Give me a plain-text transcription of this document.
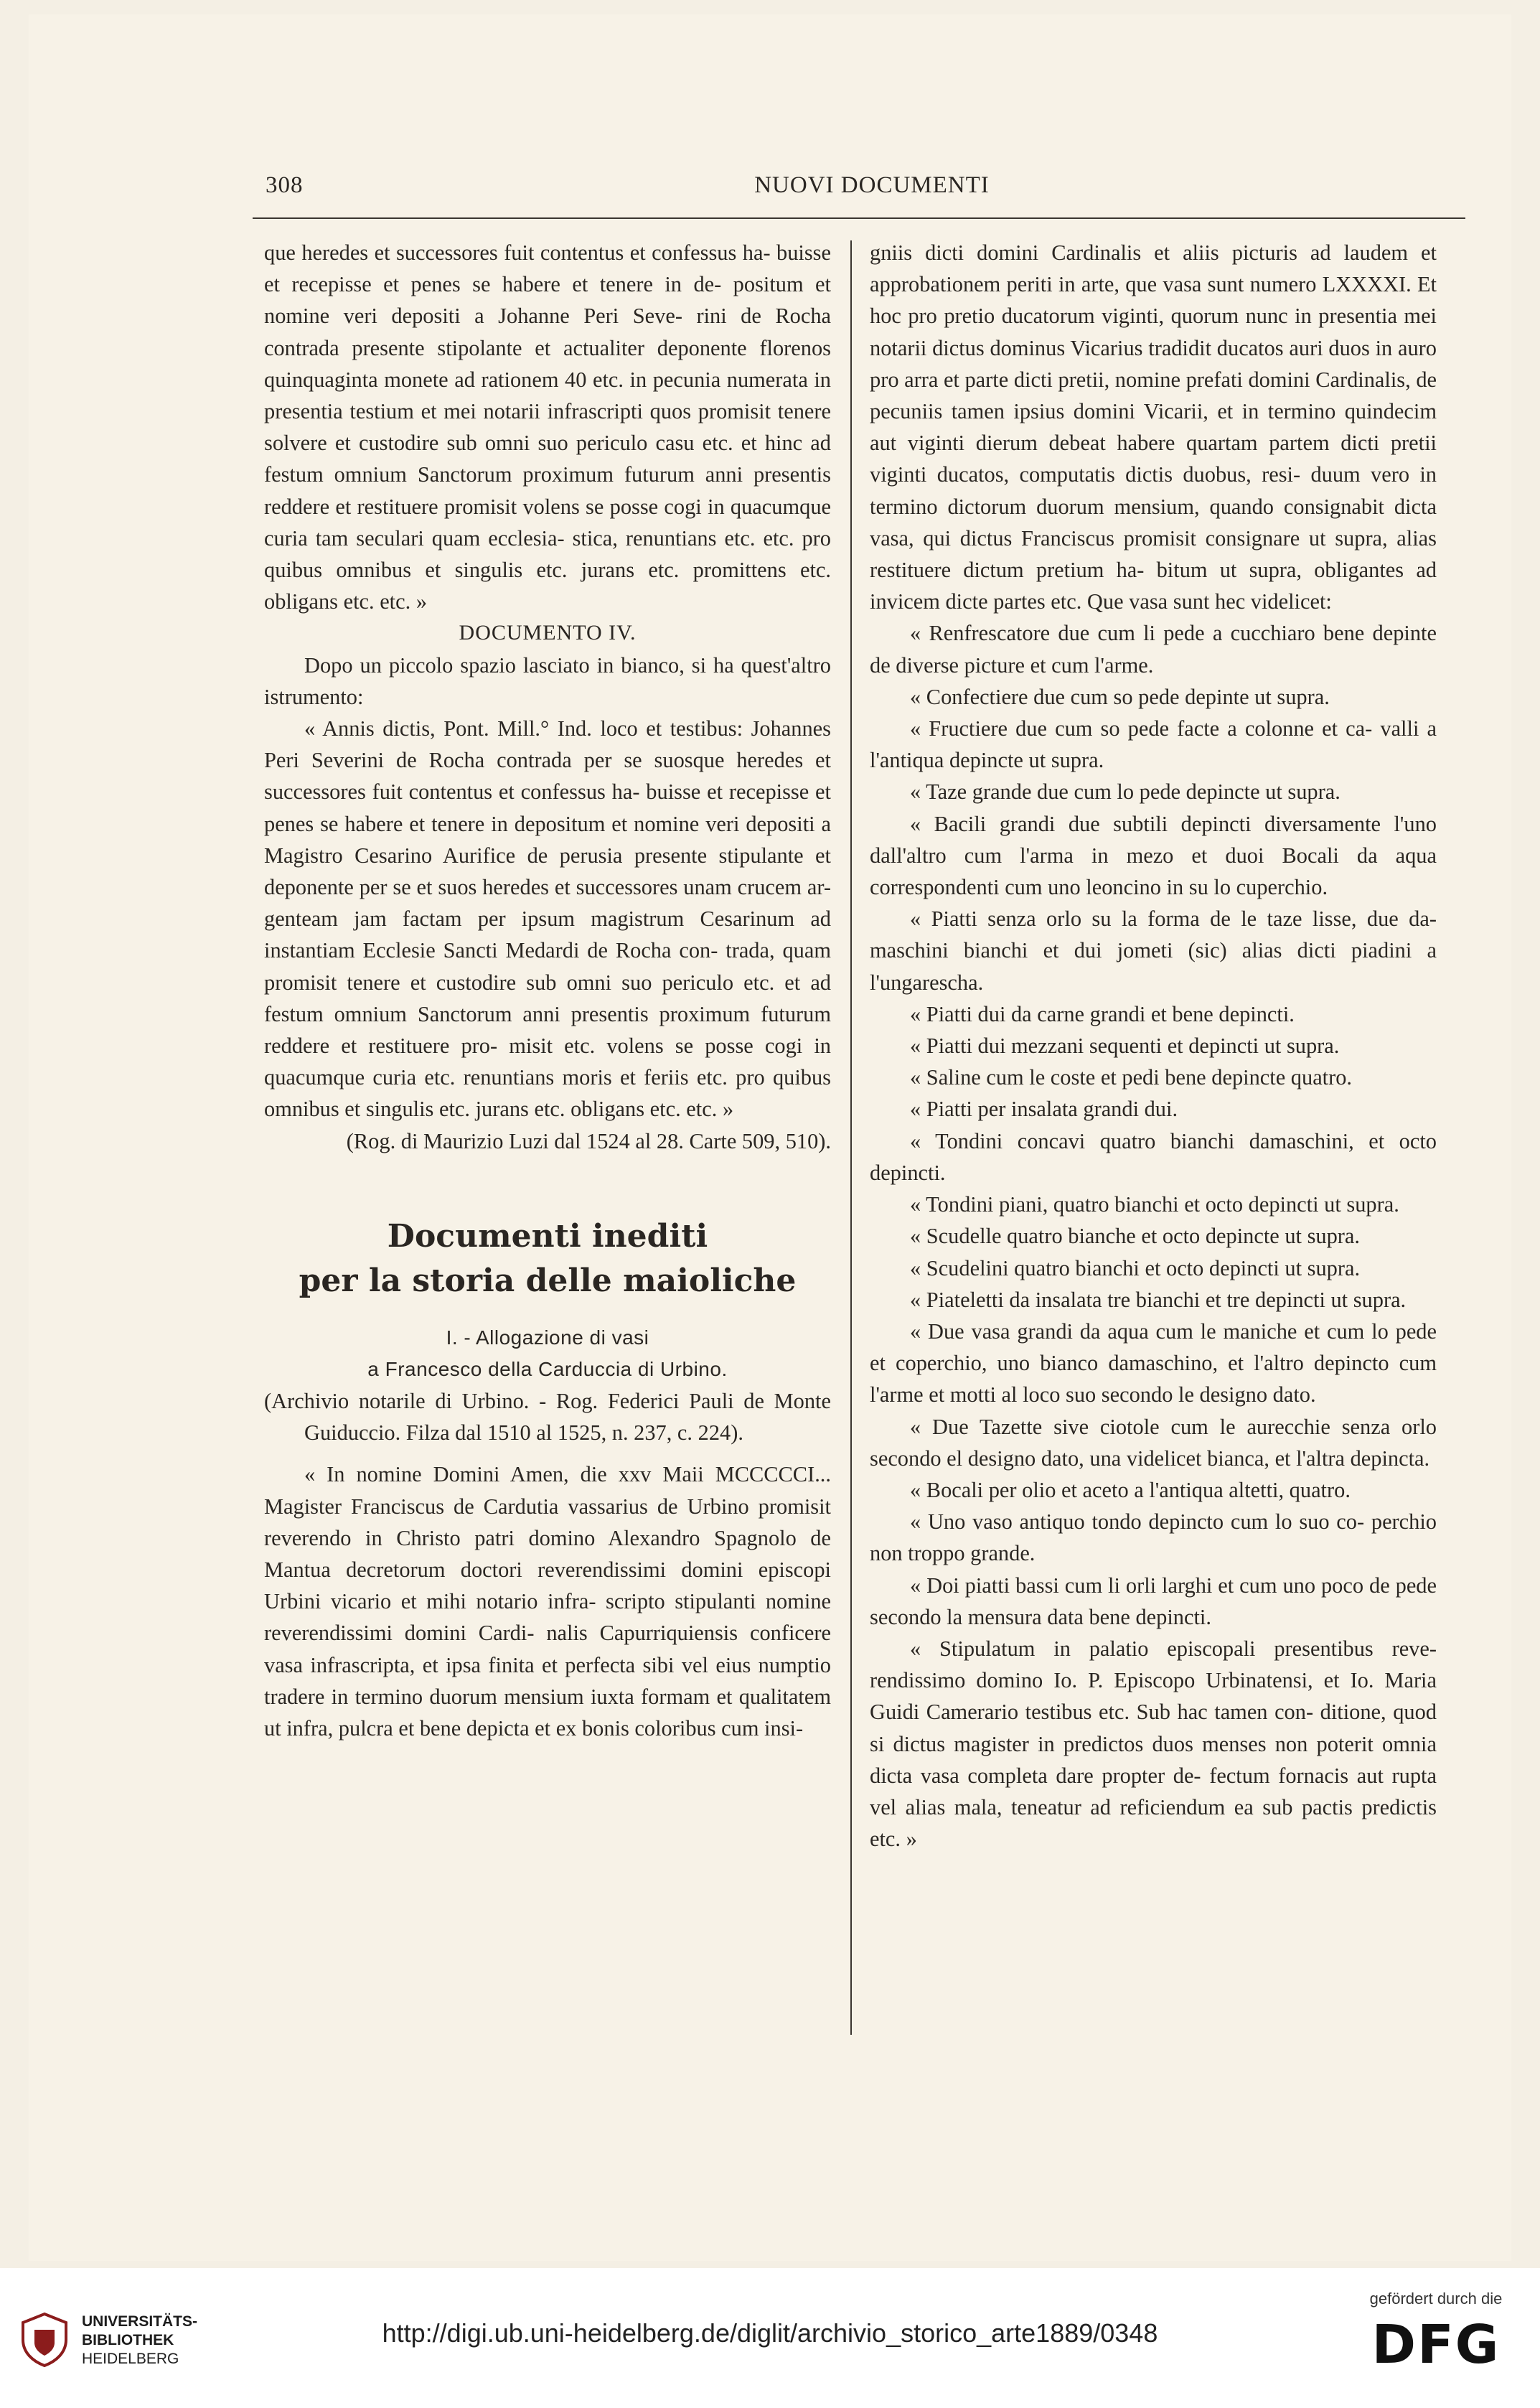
308	NUOVI DOCUMENTI

que heredes et successores fuit contentus et confessus ha- buisse et recepisse et penes se habere et tenere in de- positum et nomine veri depositi a Johanne Peri Seve- rini de Rocha contrada presente stipolante et actualiter deponente florenos quinquaginta monete ad rationem 40 etc. in pecunia numerata in presentia testium et mei notarii infrascripti quos promisit tenere solvere et custodire sub omni suo periculo casu etc. et hinc ad festum omnium Sanctorum proximum futurum anni presentis reddere et restituere promisit volens se posse cogi in quacumque curia tam seculari quam ecclesia- stica, renuntians etc. etc. pro quibus omnibus et singulis etc. jurans etc. promittens etc. obligans etc. etc. »

DOCUMENTO IV.

Dopo un piccolo spazio lasciato in bianco, si ha quest'altro istrumento:

« Annis dictis, Pont. Mill.° Ind. loco et testibus: Johannes Peri Severini de Rocha contrada per se suosque heredes et successores fuit contentus et confessus ha- buisse et recepisse et penes se habere et tenere in depositum et nomine veri depositi a Magistro Cesarino Aurifice de perusia presente stipulante et deponente per se et suos heredes et successores unam crucem ar- genteam jam factam per ipsum magistrum Cesarinum ad instantiam Ecclesie Sancti Medardi de Rocha con- trada, quam promisit tenere et custodire sub omni suo periculo etc. et ad festum omnium Sanctorum anni presentis proximum futurum reddere et restituere pro- misit etc. volens se posse cogi in quacumque curia etc. renuntians moris et feriis etc. pro quibus omnibus et singulis etc. jurans etc. obligans etc. etc. »

(Rog. di Maurizio Luzi dal 1524 al 28. Carte 509, 510).

Documenti inediti
per la storia delle maioliche
I. - Allogazione di vasi
a Francesco della Carduccia di Urbino.

(Archivio notarile di Urbino. - Rog. Federici Pauli de Monte Guiduccio. Filza dal 1510 al 1525, n. 237, c. 224).

« In nomine Domini Amen, die xxv Maii MCCCCCI... Magister Franciscus de Cardutia vassarius de Urbino promisit reverendo in Christo patri domino Alexandro Spagnolo de Mantua decretorum doctori reverendissimi domini episcopi Urbini vicario et mihi notario infra- scripto stipulanti nomine reverendissimi domini Cardi- nalis Capurriquiensis conficere vasa infrascripta, et ipsa finita et perfecta sibi vel eius numptio tradere in termino duorum mensium iuxta formam et qualitatem ut infra, pulcra et bene depicta et ex bonis coloribus cum insi-

gniis dicti domini Cardinalis et aliis picturis ad laudem et approbationem periti in arte, que vasa sunt numero LXXXXI. Et hoc pro pretio ducatorum viginti, quorum nunc in presentia mei notarii dictus dominus Vicarius tradidit ducatos auri duos in auro pro arra et parte dicti pretii, nomine prefati domini Cardinalis, de pecuniis tamen ipsius domini Vicarii, et in termino quindecim aut viginti dierum debeat habere quartam partem dicti pretii viginti ducatos, computatis dictis duobus, resi- duum vero in termino dictorum duorum mensium, quando consignabit dicta vasa, qui dictus Franciscus promisit consignare ut supra, alias restituere dictum pretium ha- bitum ut supra, obligantes ad invicem dicte partes etc. Que vasa sunt hec videlicet:

« Renfrescatore due cum li pede a cucchiaro bene depinte de diverse picture et cum l'arme.

« Confectiere due cum so pede depinte ut supra.

« Fructiere due cum so pede facte a colonne et ca- valli a l'antiqua depincte ut supra.

« Taze grande due cum lo pede depincte ut supra.

« Bacili grandi due subtili depincti diversamente l'uno dall'altro cum l'arma in mezo et duoi Bocali da aqua correspondenti cum uno leoncino in su lo cuperchio.

« Piatti senza orlo su la forma de le taze lisse, due da- maschini bianchi et dui jometi (sic) alias dicti piadini a l'ungarescha.

« Piatti dui da carne grandi et bene depincti.

« Piatti dui mezzani sequenti et depincti ut supra.

« Saline cum le coste et pedi bene depincte quatro.

« Piatti per insalata grandi dui.

« Tondini concavi quatro bianchi damaschini, et octo depincti.

« Tondini piani, quatro bianchi et octo depincti ut supra.

« Scudelle quatro bianche et octo depincte ut supra.

« Scudelini quatro bianchi et octo depincti ut supra.

« Piateletti da insalata tre bianchi et tre depincti ut supra.

« Due vasa grandi da aqua cum le maniche et cum lo pede et coperchio, uno bianco damaschino, et l'altro depincto cum l'arme et motti al loco suo secondo le designo dato.

« Due Tazette sive ciotole cum le aurecchie senza orlo secondo el designo dato, una videlicet bianca, et l'altra depincta.

« Bocali per olio et aceto a l'antiqua altetti, quatro.

« Uno vaso antiquo tondo depincto cum lo suo co- perchio non troppo grande.

« Doi piatti bassi cum li orli larghi et cum uno poco de pede secondo la mensura data bene depincti.

« Stipulatum in palatio episcopali presentibus reve- rendissimo domino Io. P. Episcopo Urbinatensi, et Io. Maria Guidi Camerario testibus etc. Sub hac tamen con- ditione, quod si dictus magister in predictos duos menses non poterit omnia dicta vasa completa dare propter de- fectum fornacis aut rupta vel alias mala, teneatur ad reficiendum ea sub pactis predictis etc. »

UNIVERSITÄTS-
BIBLIOTHEK
HEIDELBERG
http://digi.ub.uni-heidelberg.de/diglit/archivio_storico_arte1889/0348
gefördert durch die
DFG
